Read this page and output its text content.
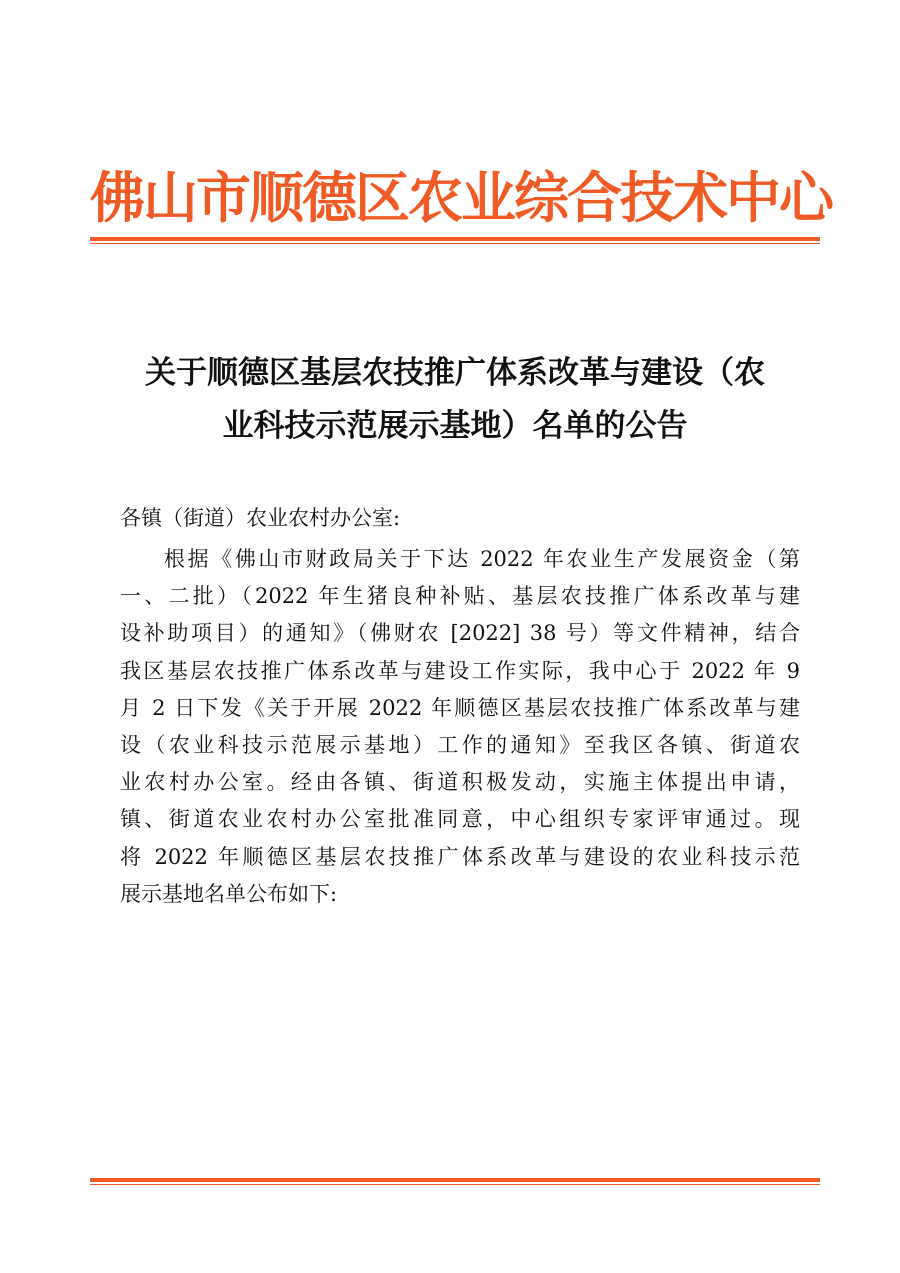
佛山市顺德区农业综合技术中心
关于顺德区基层农技推广体系改革与建设（农
业科技示范展示基地）名单的公告
各镇（街道）农业农村办公室:
根据《佛山市财政局关于下达 2022 年农业生产发展资金（第
一、二批）（2022 年生猪良种补贴、基层农技推广体系改革与建
设补助项目）的通知》（佛财农 [2022] 38 号）等文件精神，结合
我区基层农技推广体系改革与建设工作实际，我中心于 2022 年 9
月 2 日下发《关于开展 2022 年顺德区基层农技推广体系改革与建
设（农业科技示范展示基地）工作的通知》至我区各镇、街道农
业农村办公室。经由各镇、街道积极发动，实施主体提出申请，
镇、街道农业农村办公室批准同意，中心组织专家评审通过。现
将 2022 年顺德区基层农技推广体系改革与建设的农业科技示范
展示基地名单公布如下:
